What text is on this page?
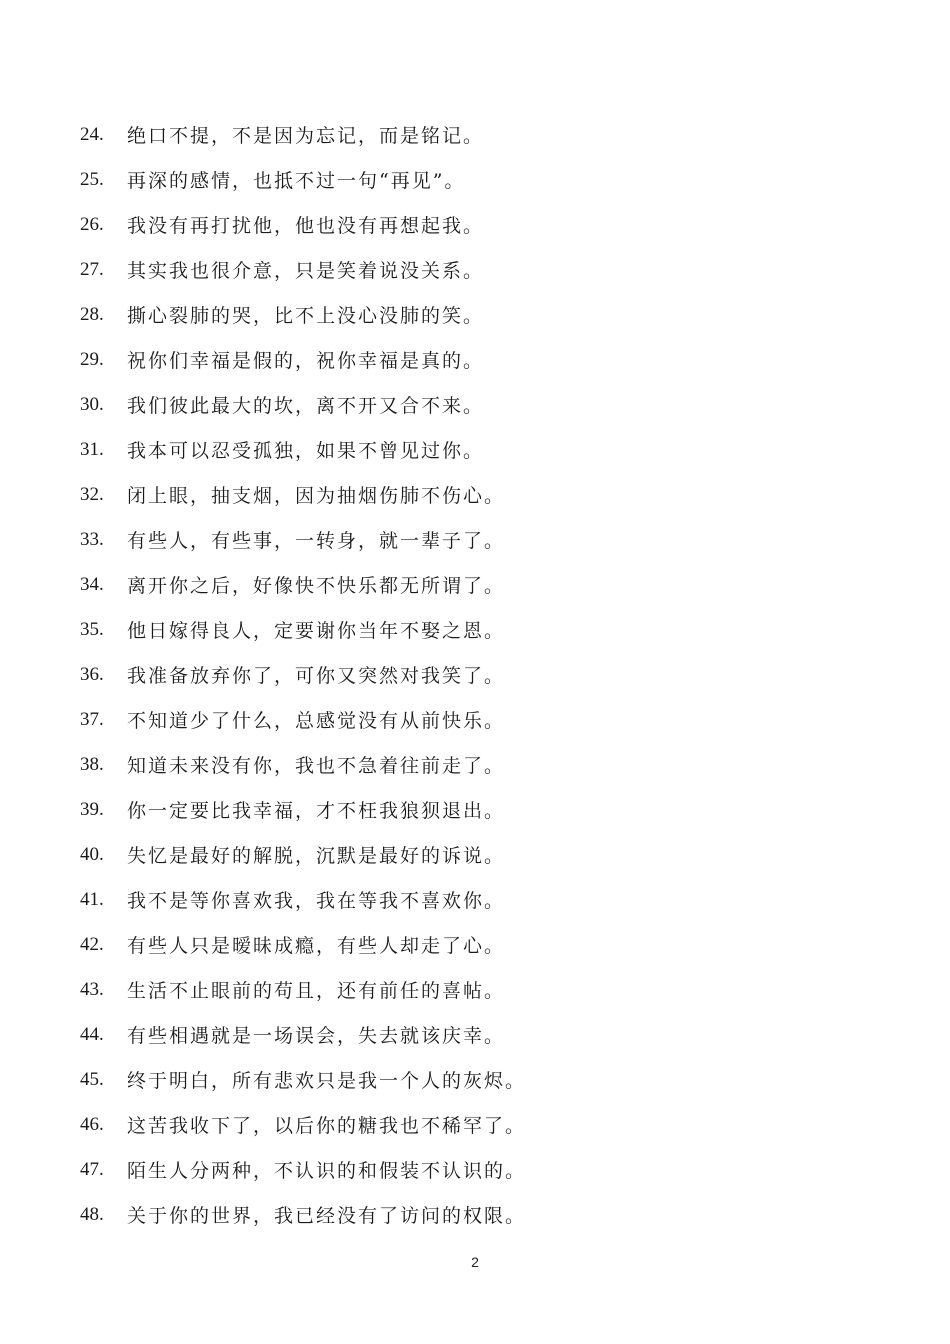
24.	绝口不提，不是因为忘记，而是铭记。
25.	再深的感情，也抵不过一句“再见”。
26.	我没有再打扰他，他也没有再想起我。
27.	其实我也很介意，只是笑着说没关系。
28.	撕心裂肺的哭，比不上没心没肺的笑。
29.	祝你们幸福是假的，祝你幸福是真的。
30.	我们彼此最大的坎，离不开又合不来。
31.	我本可以忍受孤独，如果不曾见过你。
32.	闭上眼，抽支烟，因为抽烟伤肺不伤心。
33.	有些人，有些事，一转身，就一辈子了。
34.	离开你之后，好像快不快乐都无所谓了。
35.	他日嫁得良人，定要谢你当年不娶之恩。
36.	我准备放弃你了，可你又突然对我笑了。
37.	不知道少了什么，总感觉没有从前快乐。
38.	知道未来没有你，我也不急着往前走了。
39.	你一定要比我幸福，才不枉我狼狈退出。
40.	失忆是最好的解脱，沉默是最好的诉说。
41.	我不是等你喜欢我，我在等我不喜欢你。
42.	有些人只是暧昧成瘾，有些人却走了心。
43.	生活不止眼前的苟且，还有前任的喜帖。
44.	有些相遇就是一场误会，失去就该庆幸。
45.	终于明白，所有悲欢只是我一个人的灰烬。
46.	这苦我收下了，以后你的糖我也不稀罕了。
47.	陌生人分两种，不认识的和假装不认识的。
48.	关于你的世界，我已经没有了访问的权限。
2
